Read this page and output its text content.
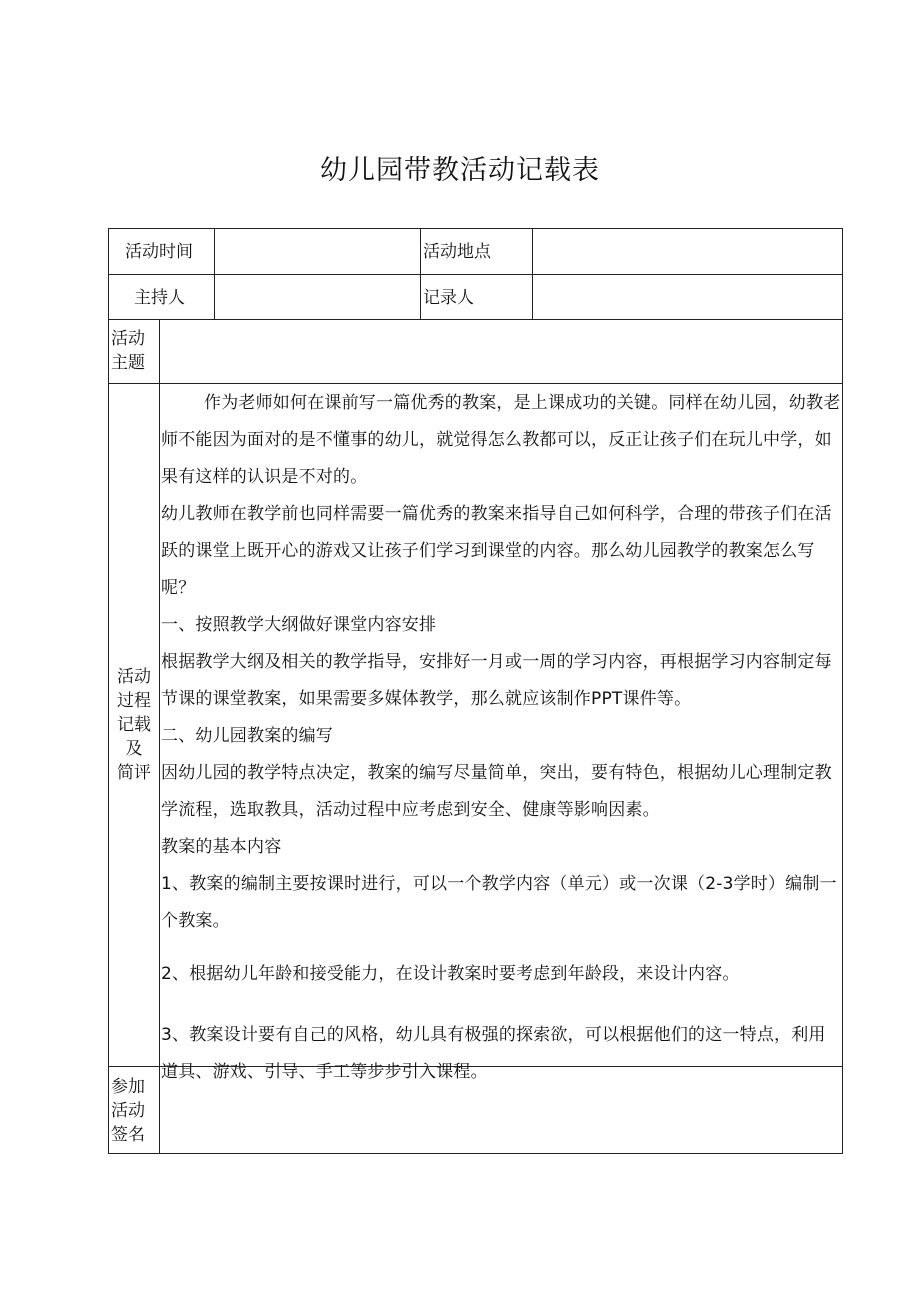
幼儿园带教活动记载表
活动时间	活动地点
主持人	记录人
活动
主题
活动
过程
记载
及
简评

作为老师如何在课前写一篇优秀的教案，是上课成功的关键。同样在幼儿园，幼教老师不能因为面对的是不懂事的幼儿，就觉得怎么教都可以，反正让孩子们在玩儿中学，如果有这样的认识是不对的。

幼儿教师在教学前也同样需要一篇优秀的教案来指导自己如何科学，合理的带孩子们在活跃的课堂上既开心的游戏又让孩子们学习到课堂的内容。那么幼儿园教学的教案怎么写呢？

一、按照教学大纲做好课堂内容安排

根据教学大纲及相关的教学指导，安排好一月或一周的学习内容，再根据学习内容制定每节课的课堂教案，如果需要多媒体教学，那么就应该制作PPT课件等。

二、幼儿园教案的编写

因幼儿园的教学特点决定，教案的编写尽量简单，突出，要有特色，根据幼儿心理制定教学流程，选取教具，活动过程中应考虑到安全、健康等影响因素。

教案的基本内容

1、教案的编制主要按课时进行，可以一个教学内容（单元）或一次课（2-3学时）编制一个教案。

2、根据幼儿年龄和接受能力，在设计教案时要考虑到年龄段，来设计内容。

3、教案设计要有自己的风格，幼儿具有极强的探索欲，可以根据他们的这一特点，利用道具、游戏、引导、手工等步步引入课程。

参加
活动
签名
